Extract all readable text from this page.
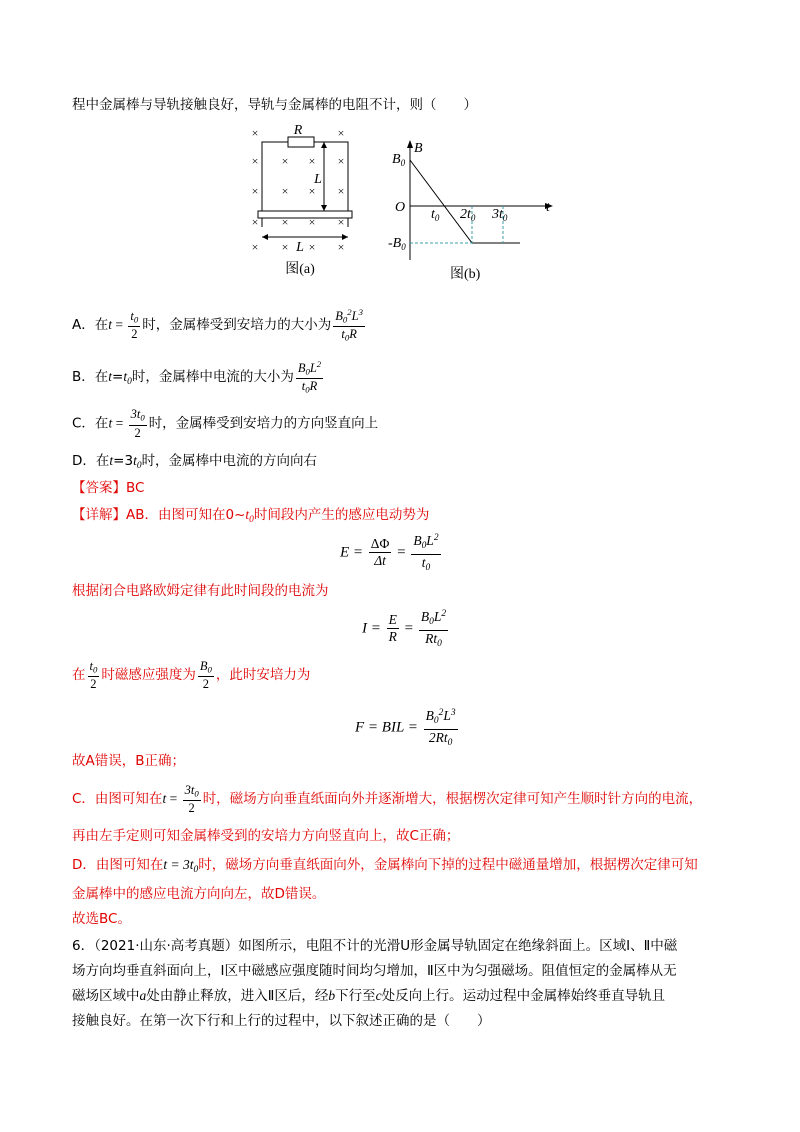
程中金属棒与导轨接触良好，导轨与金属棒的电阻不计，则（　　）
×	×
× × × ×
× × × ×
× × × ×
× × × ×
R
L
L
图(a)
B
t
O
$B_0$
$-B_0$
$t_0$ $2t_0$ $3t_0$
图(b)
A．在$t = \frac{t_0}{2}$ 时，金属棒受到安培力的大小为 $\frac{B_0^2L^3}{t_0R}$
B．在$t=t_0$时，金属棒中电流的大小为 $\frac{B_0L^2}{t_0R}$
C．在$t = \frac{3t_0}{2}$ 时，金属棒受到安培力的方向竖直向上
D．在$t=3t_0$时，金属棒中电流的方向向右
【答案】BC
【详解】AB．由图可知在$0\sim t_0$时间段内产生的感应电动势为
$E = \frac{\Delta\Phi}{\Delta t} = \frac{B_0L^2}{t_0}$
根据闭合电路欧姆定律有此时间段的电流为
$I = \frac{E}{R} = \frac{B_0L^2}{Rt_0}$
在 $\frac{t_0}{2}$ 时磁感应强度为 $\frac{B_0}{2}$ ，此时安培力为
F = BIL = $\frac{B_0^2L^3}{2Rt_0}$
故A错误，B正确；
C．由图可知在$t = \frac{3t_0}{2}$ 时，磁场方向垂直纸面向外并逐渐增大，根据楞次定律可知产生顺时针方向的电流，
再由左手定则可知金属棒受到的安培力方向竖直向上，故C正确；
D．由图可知在$t = 3t_0$时，磁场方向垂直纸面向外，金属棒向下掉的过程中磁通量增加，根据楞次定律可知
金属棒中的感应电流方向向左，故D错误。
故选BC。
6．（2021·山东·高考真题）如图所示，电阻不计的光滑U形金属导轨固定在绝缘斜面上。区域Ⅰ、Ⅱ中磁
场方向均垂直斜面向上，Ⅰ区中磁感应强度随时间均匀增加，Ⅱ区中为匀强磁场。阻值恒定的金属棒从无
磁场区域中a处由静止释放，进入Ⅱ区后，经b下行至c处反向上行。运动过程中金属棒始终垂直导轨且
接触良好。在第一次下行和上行的过程中，以下叙述正确的是（　　）
